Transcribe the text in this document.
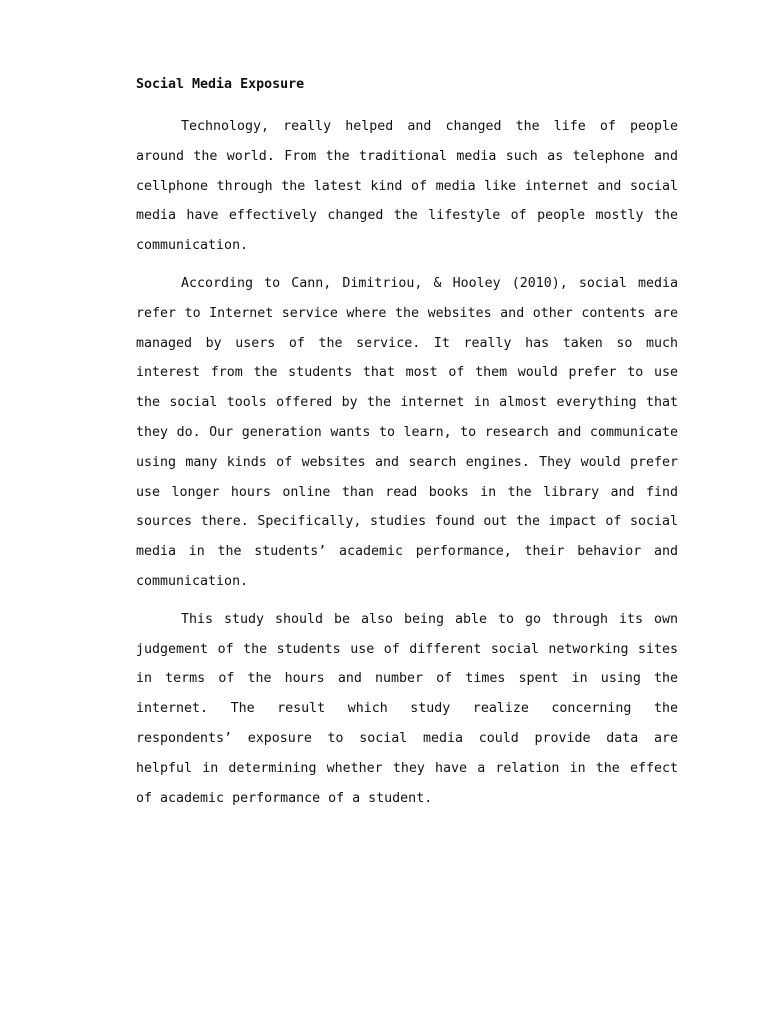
Social Media Exposure

Technology, really helped and changed the life of people around the world. From the traditional media such as telephone and cellphone through the latest kind of media like internet and social media have effectively changed the lifestyle of people mostly the communication.

According to Cann, Dimitriou, & Hooley (2010), social media refer to Internet service where the websites and other contents are managed by users of the service. It really has taken so much interest from the students that most of them would prefer to use the social tools offered by the internet in almost everything that they do. Our generation wants to learn, to research and communicate using many kinds of websites and search engines. They would prefer use longer hours online than read books in the library and find sources there. Specifically, studies found out the impact of social media in the students’ academic performance, their behavior and communication.

This study should be also being able to go through its own judgement of the students use of different social networking sites in terms of the hours and number of times spent in using the internet. The result which study realize concerning the respondents’ exposure to social media could provide data are helpful in determining whether they have a relation in the effect of academic performance of a student.
